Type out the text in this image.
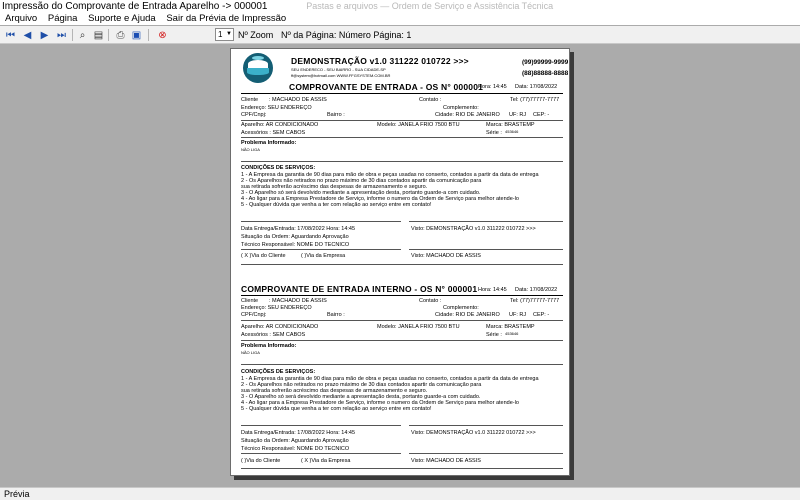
Impressão do Comprovante de Entrada Aparelho -> 000001	Pastas e arquivos — Ordem de Serviço e Assistência Técnica
Arquivo Página Suporte e Ajuda Sair da Prévia de Impressão
⏮ ◀ ▶ ⏭	⌕ ▤ ⎙ ▣ ⊗	1 ▼ Nº Zoom Nº da Página: Número Página: 1
DEMONSTRAÇÃO v1.0 311222 010722 >>>
SEU ENDERECO - SEU BAIRRO - SUA CIDADE-SP
ff@system@hotmail.com WWW.FFGSYSTEM.COM.BR
(99)99999-9999
(88)88888-8888
COMPROVANTE DE ENTRADA - OS N° 000001
Hora: 14:45 Data: 17/08/2022
Cliente : MACHADO DE ASSIS	Contato :	Tel: (77)77777-7777
Endereço: SEU ENDEREÇO	Complemento:
CPF/Cnpj:	Bairro :	Cidade: RIO DE JANEIRO UF: RJ CEP: -
Aparelho: AR CONDICIONADO	Modelo: JANELA FRIO 7500 BTU	Marca: BRASTEMP
Acessórios : SEM CABOS	Série : 453646
Problema Informado:
NÃO LIGA
CONDIÇÕES DE SERVIÇOS:
1 - A Empresa da garantia de 90 dias para mão de obra e peças usadas no conserto, contados a partir da data de entrega
2 - Os Aparelhos não retirados no prazo máximo de 30 dias contados apartir da comunicação para
sua retirada sofrerão acréscimo das despesas de armazenamento e seguro.
3 - O Aparelho só será devolvido mediante a apresentação desta, portanto guarde-a com cuidado.
4 - Ao ligar para a Empresa Prestadore de Serviço, informe o numero da Ordem de Serviço para melhor atende-lo
5 - Qualquer dúvida que venha a ter com relação ao serviço entre em contato!
Data Entrega/Entrada: 17/08/2022 Hora: 14:45	Visto: DEMONSTRAÇÃO v1.0 311222 010722 >>>
Situação da Ordem: Aguardando Aprovação
Técnico Responsável: NOME DO TECNICO
( X )Via do Cliente	( )Via da Empresa	Visto: MACHADO DE ASSIS
COMPROVANTE DE ENTRADA INTERNO - OS N° 000001 Hora: 14:45 Data: 17/08/2022
Cliente : MACHADO DE ASSIS	Contato :	Tel: (77)77777-7777
Endereço: SEU ENDEREÇO	Complemento:
CPF/Cnpj:	Bairro :	Cidade: RIO DE JANEIRO UF: RJ CEP: -
Aparelho: AR CONDICIONADO	Modelo: JANELA FRIO 7500 BTU	Marca: BRASTEMP
Acessórios : SEM CABOS	Série : 453646
Problema Informado:
NÃO LIGA
CONDIÇÕES DE SERVIÇOS:
1 - A Empresa da garantia de 90 dias para mão de obra e peças usadas no conserto, contados a partir da data de entrega
2 - Os Aparelhos não retirados no prazo máximo de 30 dias contados apartir da comunicação para
sua retirada sofrerão acréscimo das despesas de armazenamento e seguro.
3 - O Aparelho só será devolvido mediante a apresentação desta, portanto guarde-a com cuidado.
4 - Ao ligar para a Empresa Prestadore de Serviço, informe o numero da Ordem de Serviço para melhor atende-lo
5 - Qualquer dúvida que venha a ter com relação ao serviço entre em contato!
Data Entrega/Entrada: 17/08/2022 Hora: 14:45	Visto: DEMONSTRAÇÃO v1.0 311222 010722 >>>
Situação da Ordem: Aguardando Aprovação
Técnico Responsável: NOME DO TECNICO
( )Via do Cliente	( X )Via da Empresa	Visto: MACHADO DE ASSIS
Prévia
